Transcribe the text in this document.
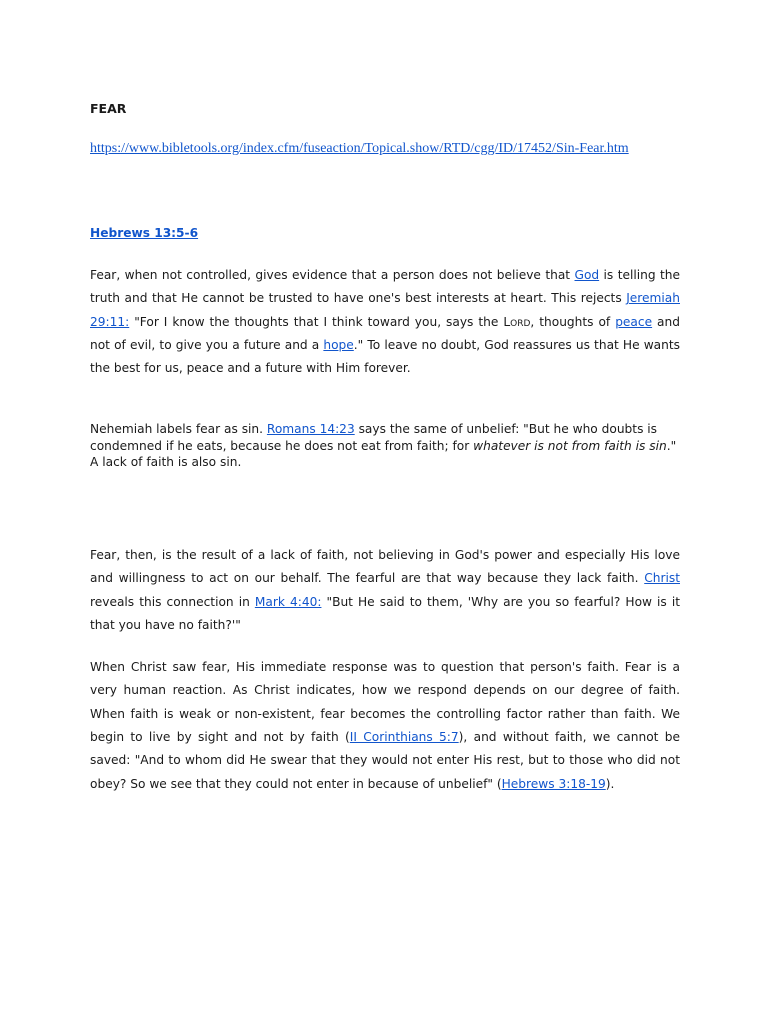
FEAR
https://www.bibletools.org/index.cfm/fuseaction/Topical.show/RTD/cgg/ID/17452/Sin-Fear.htm
Hebrews 13:5-6

Fear, when not controlled, gives evidence that a person does not believe that God is telling the truth and that He cannot be trusted to have one's best interests at heart. This rejects Jeremiah 29:11: "For I know the thoughts that I think toward you, says the Lord, thoughts of peace and not of evil, to give you a future and a hope." To leave no doubt, God reassures us that He wants the best for us, peace and a future with Him forever.

Nehemiah labels fear as sin. Romans 14:23 says the same of unbelief: "But he who doubts is condemned if he eats, because he does not eat from faith; for whatever is not from faith is sin." A lack of faith is also sin.

Fear, then, is the result of a lack of faith, not believing in God's power and especially His love and willingness to act on our behalf. The fearful are that way because they lack faith. Christ reveals this connection in Mark 4:40: "But He said to them, 'Why are you so fearful? How is it that you have no faith?'"

When Christ saw fear, His immediate response was to question that person's faith. Fear is a very human reaction. As Christ indicates, how we respond depends on our degree of faith. When faith is weak or non-existent, fear becomes the controlling factor rather than faith. We begin to live by sight and not by faith (II Corinthians 5:7), and without faith, we cannot be saved: "And to whom did He swear that they would not enter His rest, but to those who did not obey? So we see that they could not enter in because of unbelief" (Hebrews 3:18-19).
